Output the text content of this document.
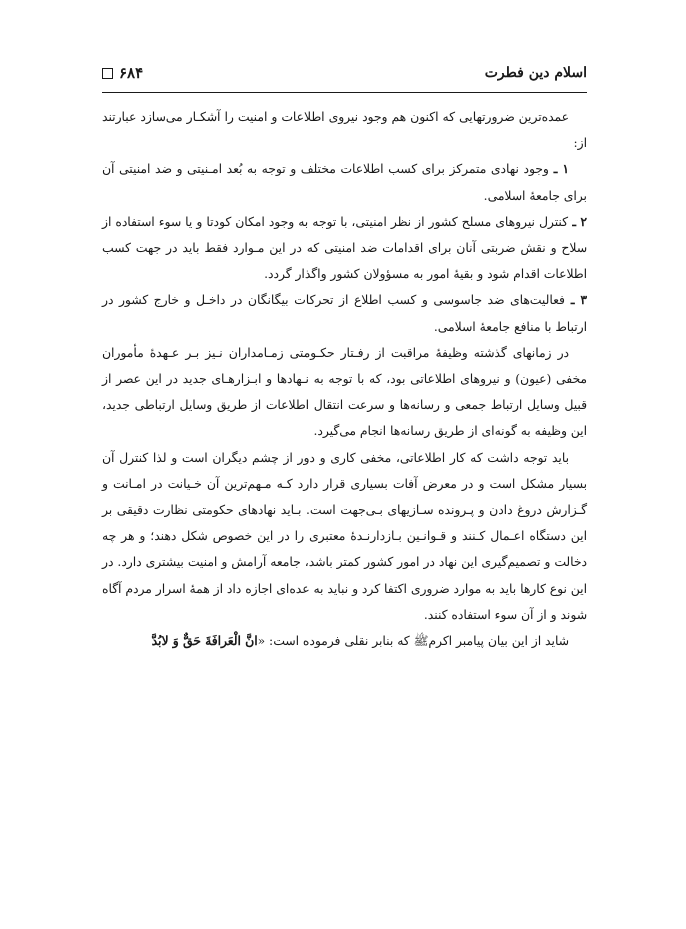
۶۸۴	اسلام دین فطرت

عمده‌ترین ضرورتهایی که اکنون هم وجود نیروی اطلاعات و امنیت را آشکـار می‌سازد عبارتند از:

۱ ـ وجود نهادی متمرکز برای کسب اطلاعات مختلف و توجه به بُعد امـنیتی و ضد امنیتی آن برای جامعهٔ اسلامی.

۲ ـ کنترل نیروهای مسلح کشور از نظر امنیتی، با توجه به وجود امکان کودتا و یا سوء استفاده از سلاح و نقش ضربتی آنان برای اقدامات ضد امنیتی که در این مـوارد فقط باید در جهت کسب اطلاعات اقدام شود و بقیهٔ امور به مسؤولان کشور واگذار گردد.

۳ ـ فعالیت‌های ضد جاسوسی و کسب اطلاع از تحرکات بیگانگان در داخـل و خارج کشور در ارتباط با منافع جامعهٔ اسلامی.

در زمانهای گذشته وظیفهٔ مراقبت از رفـتار حکـومتی زمـامداران نـیز بـر عـهدهٔ مأموران مخفی (عیون) و نیروهای اطلاعاتی بود، که با توجه به نـهادها و ابـزارهـای جدید در این عصر از قبیل وسایل ارتباط جمعی و رسانه‌ها و سرعت انتقال اطلاعات از طریق وسایل ارتباطی جدید، این وظیفه به گونه‌ای از طریق رسانه‌ها انجام می‌گیرد.

باید توجه داشت که کار اطلاعاتی، مخفی کاری و دور از چشم دیگران است و لذا کنترل آن بسیار مشکل است و در معرض آفات بسیاری قرار دارد کـه مـهم‌ترین آن خـیانت در امـانت و گـزارش دروغ دادن و پـرونده سـازیهای بـی‌جهت است. بـاید نهادهای حکومتی نظارت دقیقی بر این دستگاه اعـمال کـنند و قـوانـین بـازدارنـدهٔ معتبری را در این خصوص شکل دهند؛ و هر چه دخالت و تصمیم‌گیری این نهاد در امور کشور کمتر باشد، جامعه آرامش و امنیت بیشتری دارد. در این نوع کارها باید به موارد ضروری اکتفا کرد و نباید به عده‌ای اجازه داد از همهٔ اسرار مردم آگاه شوند و از آن سوء استفاده کنند.

شاید از این بیان پیامبر اکرمﷺ که بنابر نقلی فرموده است: «انَّ الْعَرافَةَ حَقٌّ وَ لابُدَّ
